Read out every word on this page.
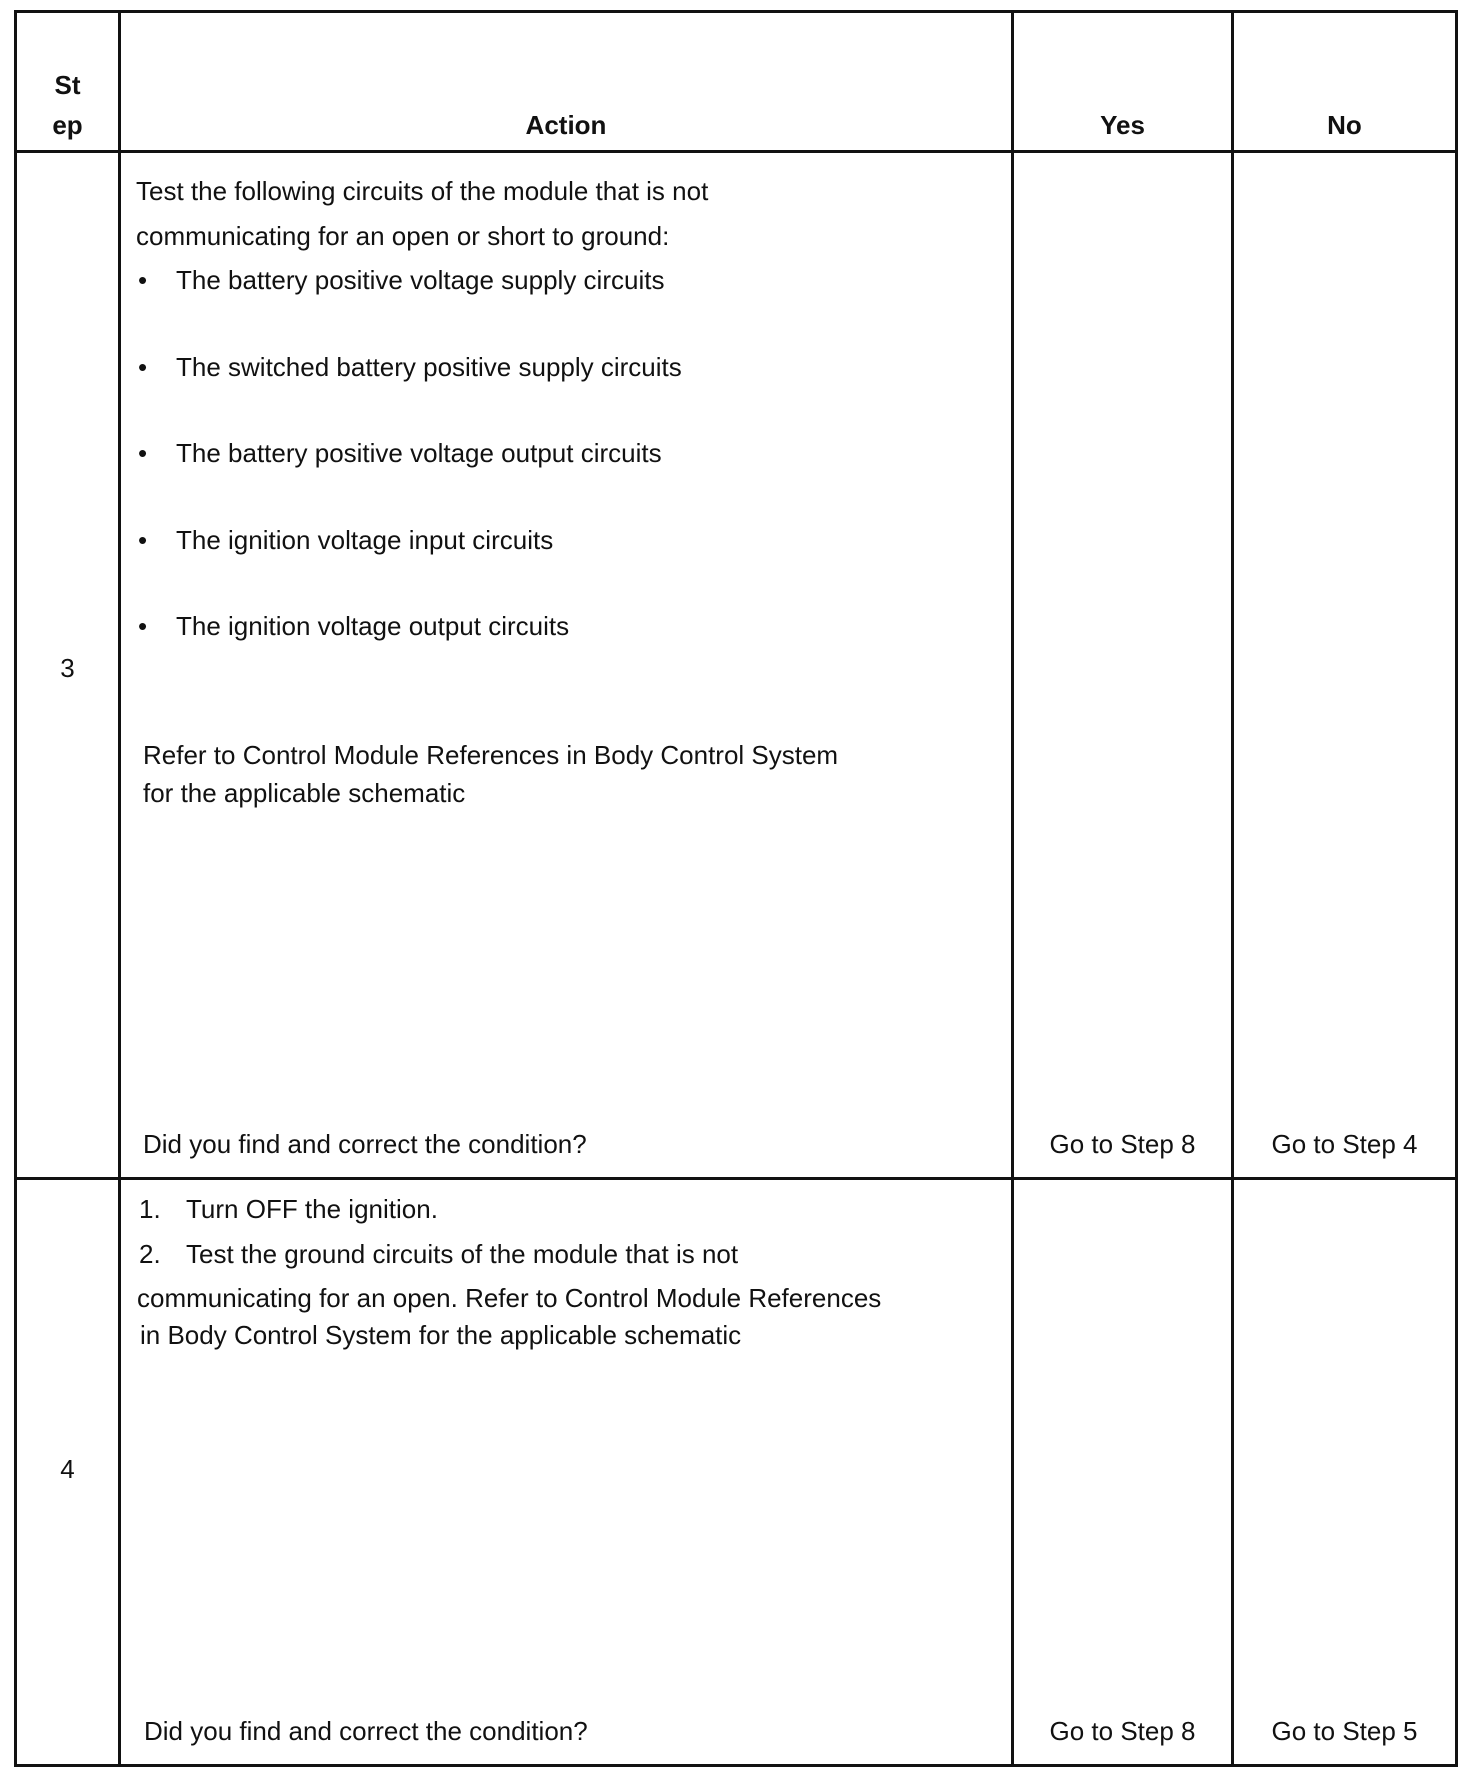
St
ep	Action	Yes	No
3
Test the following circuits of the module that is not
communicating for an open or short to ground:
• The battery positive voltage supply circuits
• The switched battery positive supply circuits
• The battery positive voltage output circuits
• The ignition voltage input circuits
• The ignition voltage output circuits
Refer to Control Module References in Body Control System
for the applicable schematic
Did you find and correct the condition?	Go to Step 8	Go to Step 4
4
1. Turn OFF the ignition.
2. Test the ground circuits of the module that is not
communicating for an open. Refer to Control Module References
in Body Control System for the applicable schematic
Did you find and correct the condition?	Go to Step 8	Go to Step 5
